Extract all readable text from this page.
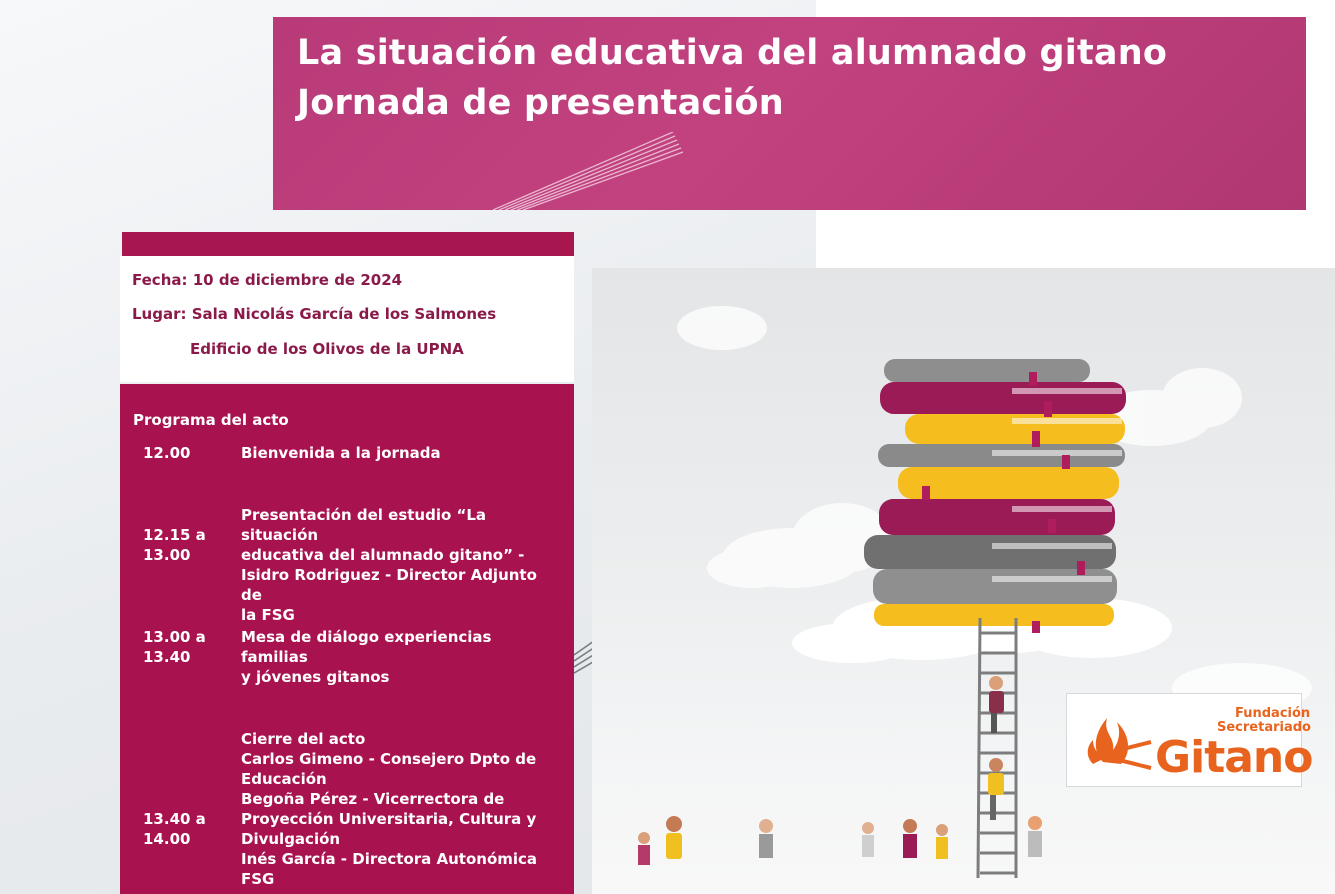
La situación educativa del alumnado gitano
Jornada de presentación
Fecha: 10 de diciembre de 2024
Lugar: Sala Nicolás García de los Salmones
Edificio de los Olivos de la UPNA
Programa del acto
12.00	Bienvenida a la jornada
12.15 a
13.00
Presentación del estudio “La situación
educativa del alumnado gitano” -
Isidro Rodriguez - Director Adjunto de
la FSG
13.00 a
13.40
Mesa de diálogo experiencias familias
y jóvenes gitanos
13.40 a
14.00
Cierre del acto
Carlos Gimeno - Consejero Dpto de
Educación
Begoña Pérez - Vicerrectora de
Proyección Universitaria, Cultura y
Divulgación
Inés García - Directora Autonómica
FSG
Fundación
Secretariado
Gitano
